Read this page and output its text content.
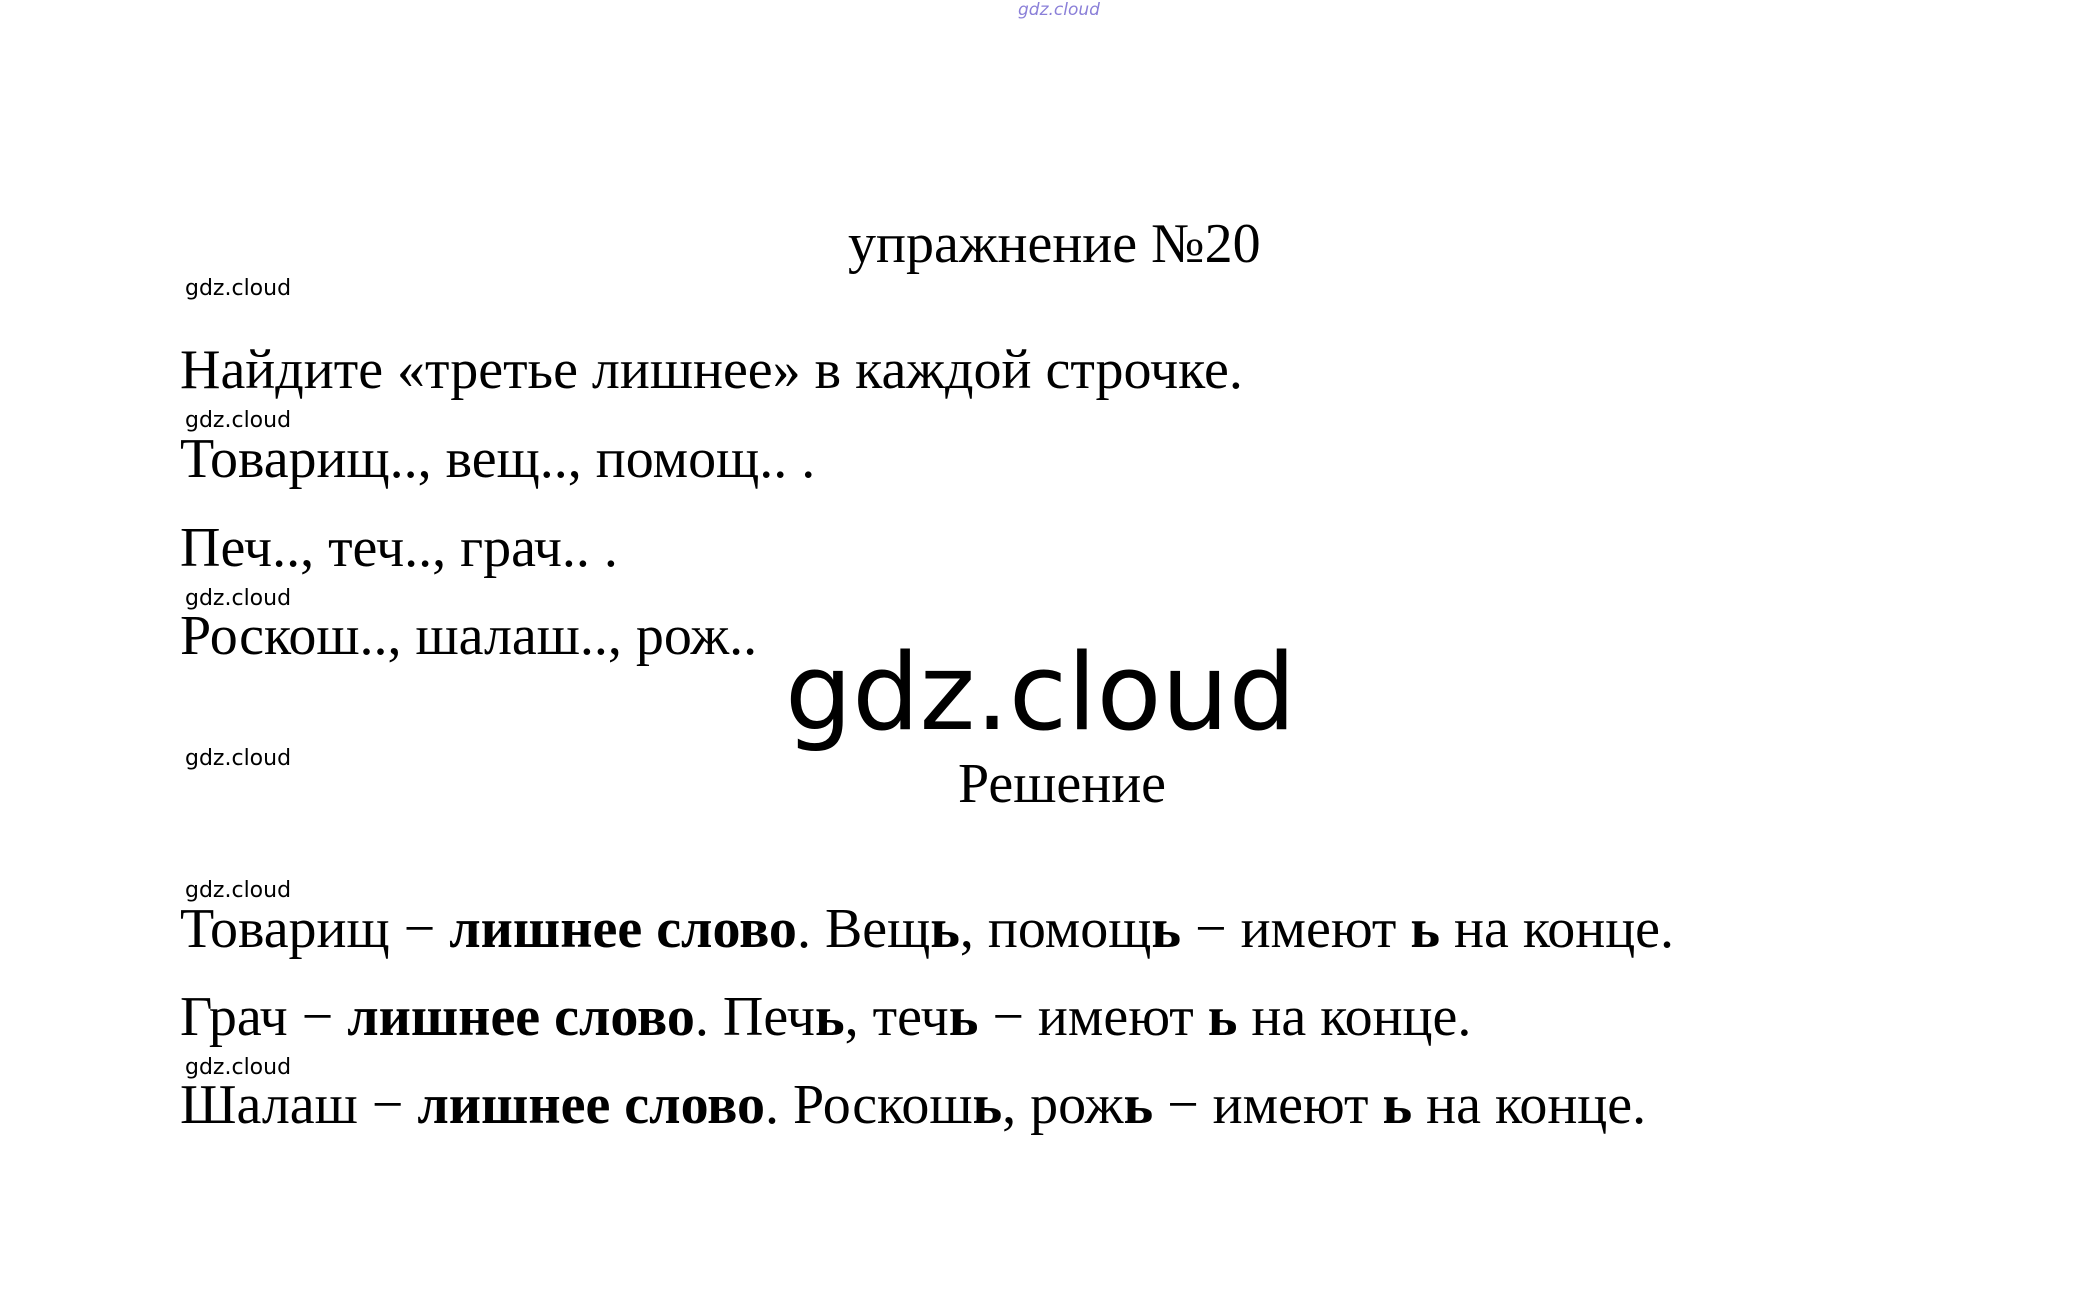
gdz.cloud
упражнение №20
gdz.cloud
Найдите «третье лишнее» в каждой строчке.
gdz.cloud
Товарищ.., вещ.., помощ.. .
Печ.., теч.., грач.. .
gdz.cloud
Роскош.., шалаш.., рож.. gdz.cloud
gdz.cloud	Решение
gdz.cloud
Товарищ − лишнее слово. Вещь, помощь − имеют ь на конце.
Грач − лишнее слово. Печь, течь − имеют ь на конце.
gdz.cloud
Шалаш − лишнее слово. Роскошь, рожь − имеют ь на конце.
